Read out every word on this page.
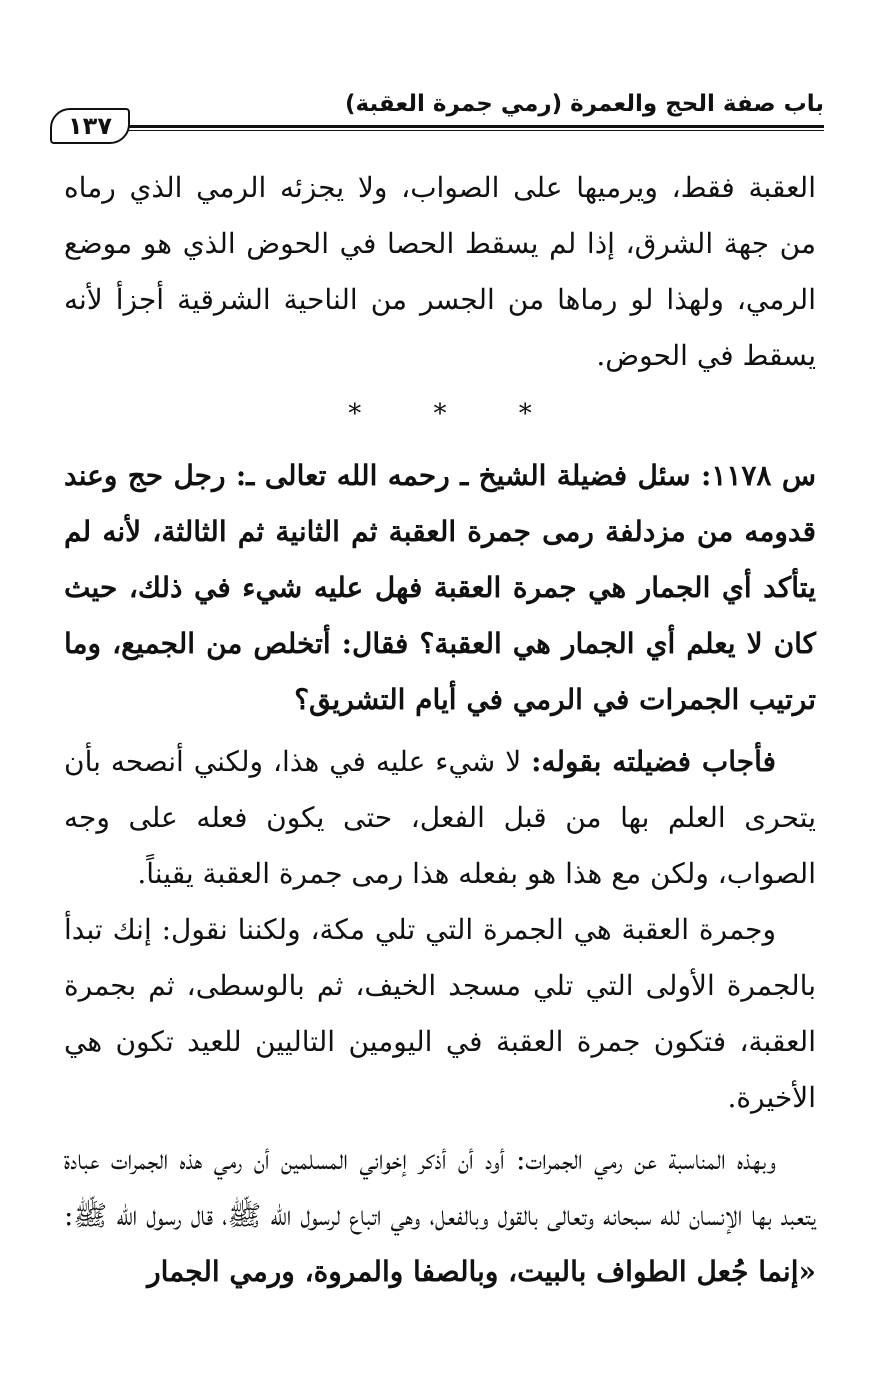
باب صفة الحج والعمرة (رمي جمرة العقبة)
١٣٧

العقبة فقط، ويرميها على الصواب، ولا يجزئه الرمي الذي رماه من جهة الشرق، إذا لم يسقط الحصا في الحوض الذي هو موضع الرمي، ولهذا لو رماها من الجسر من الناحية الشرقية أجزأ لأنه يسقط في الحوض.

* * *

س ١١٧٨: سئل فضيلة الشيخ ـ رحمه الله تعالى ـ: رجل حج وعند قدومه من مزدلفة رمى جمرة العقبة ثم الثانية ثم الثالثة، لأنه لم يتأكد أي الجمار هي جمرة العقبة فهل عليه شيء في ذلك، حيث كان لا يعلم أي الجمار هي العقبة؟ فقال: أتخلص من الجميع، وما ترتيب الجمرات في الرمي في أيام التشريق؟

فأجاب فضيلته بقوله: لا شيء عليه في هذا، ولكني أنصحه بأن يتحرى العلم بها من قبل الفعل، حتى يكون فعله على وجه الصواب، ولكن مع هذا هو بفعله هذا رمى جمرة العقبة يقيناً.

وجمرة العقبة هي الجمرة التي تلي مكة، ولكننا نقول: إنك تبدأ بالجمرة الأولى التي تلي مسجد الخيف، ثم بالوسطى، ثم بجمرة العقبة، فتكون جمرة العقبة في اليومين التاليين للعيد تكون هي الأخيرة.

وبهذه المناسبة عن رمي الجمرات: أود أن أذكر إخواني المسلمين أن رمي هذه الجمرات عبادة يتعبد بها الإنسان لله سبحانه وتعالى بالقول وبالفعل، وهي اتباع لرسول الله ﷺ، قال رسول الله ﷺ: «إنما جُعل الطواف بالبيت، وبالصفا والمروة، ورمي الجمار
